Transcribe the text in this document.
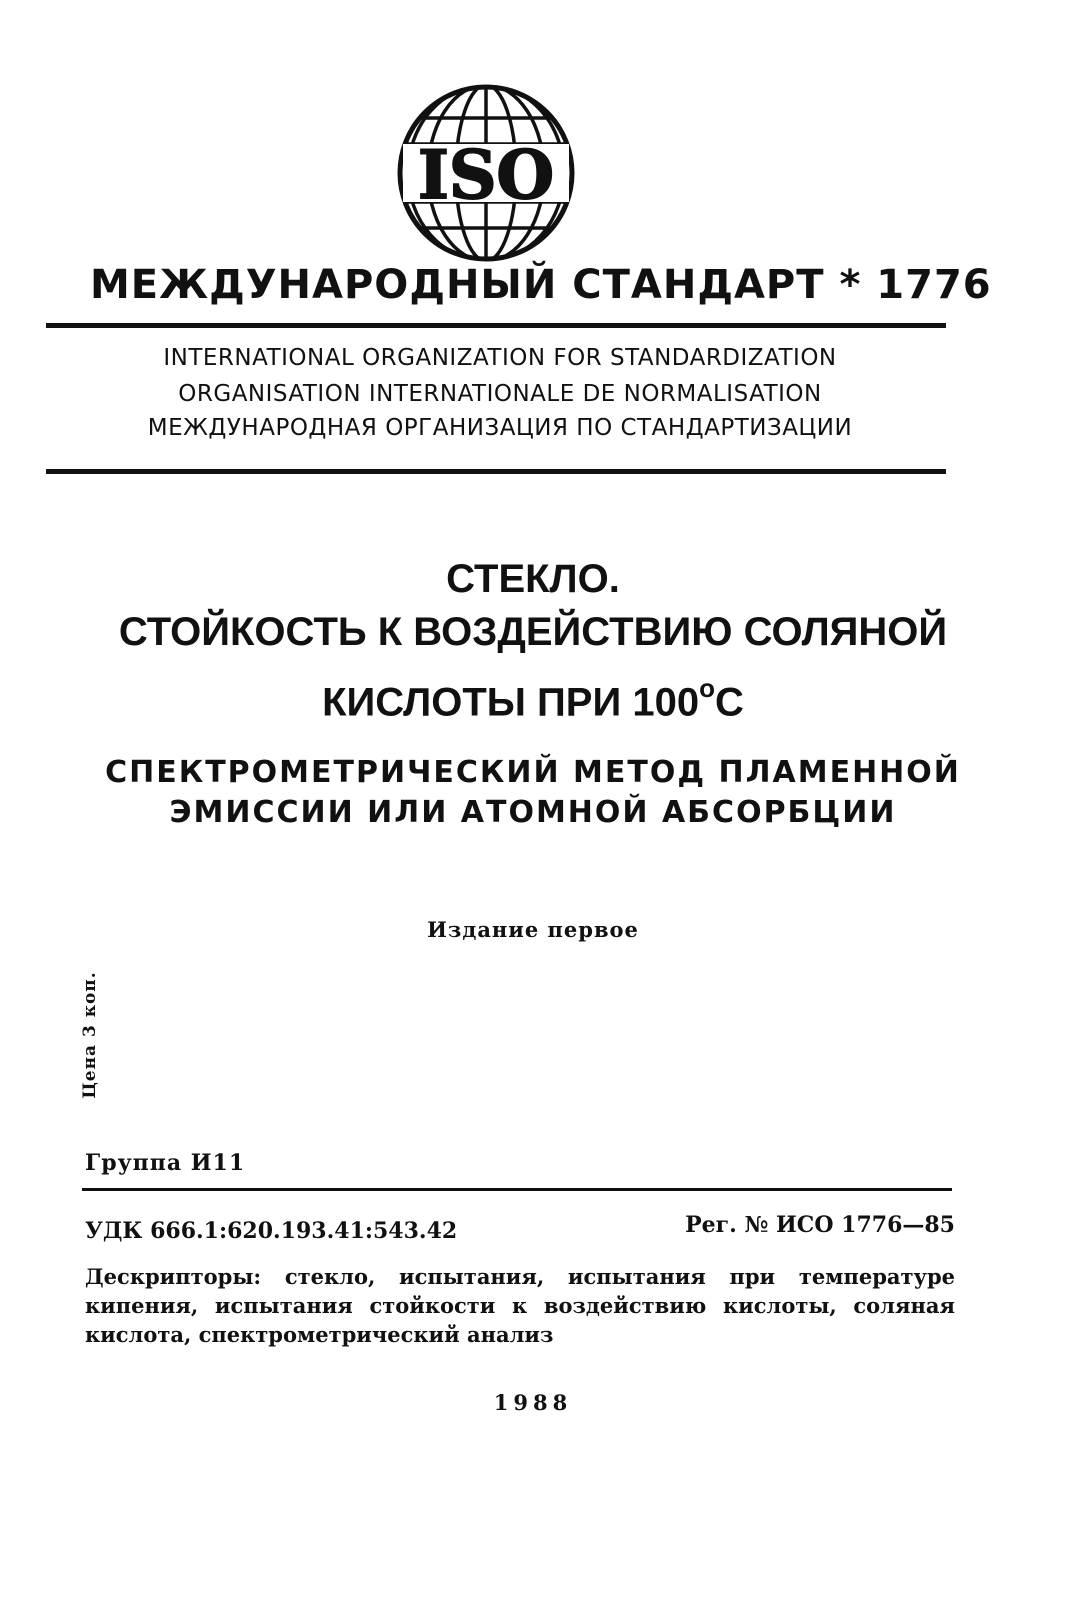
ISO
МЕЖДУНАРОДНЫЙ СТАНДАРТ * 1776
INTERNATIONAL ORGANIZATION FOR STANDARDIZATION
ORGANISATION INTERNATIONALE DE NORMALISATION
МЕЖДУНАРОДНАЯ ОРГАНИЗАЦИЯ ПО СТАНДАРТИЗАЦИИ
СТЕКЛО.
СТОЙКОСТЬ К ВОЗДЕЙСТВИЮ СОЛЯНОЙ
КИСЛОТЫ ПРИ $100^оС$
СПЕКТРОМЕТРИЧЕСКИЙ МЕТОД ПЛАМЕННОЙ
ЭМИССИИ ИЛИ АТОМНОЙ АБСОРБЦИИ
Издание первое
Цена 3 коп.
Группа И11
УДК 666.1:620.193.41:543.42	Рег. № ИСО 1776—85
Дескрипторы: стекло, испытания, испытания при температуре кипения, испытания стойкости к воздействию кислоты, соляная кислота, спектрометрический анализ
1988
